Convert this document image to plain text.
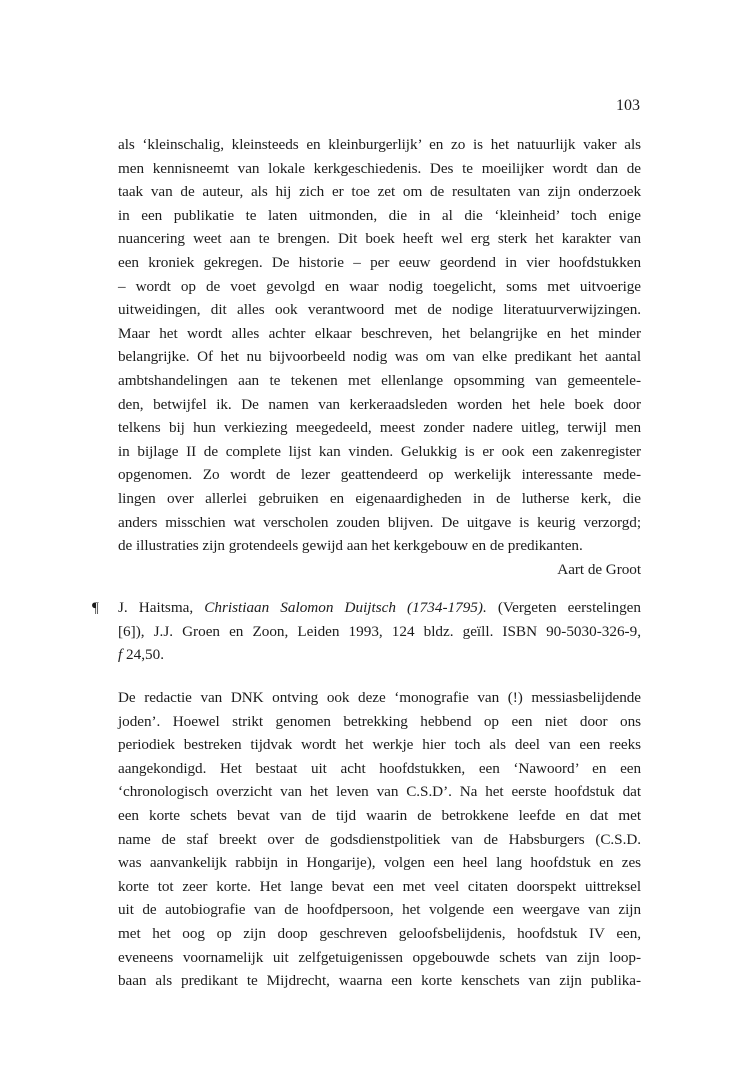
103
als ‘kleinschalig, kleinsteeds en kleinburgerlijk’ en zo is het natuurlijk vaker als
men kennisneemt van lokale kerkgeschiedenis. Des te moeilijker wordt dan de
taak van de auteur, als hij zich er toe zet om de resultaten van zijn onderzoek
in een publikatie te laten uitmonden, die in al die ‘kleinheid’ toch enige
nuancering weet aan te brengen. Dit boek heeft wel erg sterk het karakter van
een kroniek gekregen. De historie – per eeuw geordend in vier hoofdstukken
– wordt op de voet gevolgd en waar nodig toegelicht, soms met uitvoerige
uitweidingen, dit alles ook verantwoord met de nodige literatuurverwijzingen.
Maar het wordt alles achter elkaar beschreven, het belangrijke en het minder
belangrijke. Of het nu bijvoorbeeld nodig was om van elke predikant het aantal
ambtshandelingen aan te tekenen met ellenlange opsomming van gemeentele-
den, betwijfel ik. De namen van kerkeraadsleden worden het hele boek door
telkens bij hun verkiezing meegedeeld, meest zonder nadere uitleg, terwijl men
in bijlage II de complete lijst kan vinden. Gelukkig is er ook een zakenregister
opgenomen. Zo wordt de lezer geattendeerd op werkelijk interessante mede-
lingen over allerlei gebruiken en eigenaardigheden in de lutherse kerk, die
anders misschien wat verscholen zouden blijven. De uitgave is keurig verzorgd;
de illustraties zijn grotendeels gewijd aan het kerkgebouw en de predikanten.
Aart de Groot
¶	J. Haitsma, Christiaan Salomon Duijtsch (1734-1795). (Vergeten eerstelingen
[6]), J.J. Groen en Zoon, Leiden 1993, 124 bldz. geïll. ISBN 90-5030-326-9,
f 24,50.
De redactie van DNK ontving ook deze ‘monografie van (!) messiasbelijdende
joden’. Hoewel strikt genomen betrekking hebbend op een niet door ons
periodiek bestreken tijdvak wordt het werkje hier toch als deel van een reeks
aangekondigd. Het bestaat uit acht hoofdstukken, een ‘Nawoord’ en een
‘chronologisch overzicht van het leven van C.S.D’. Na het eerste hoofdstuk dat
een korte schets bevat van de tijd waarin de betrokkene leefde en dat met
name de staf breekt over de godsdienstpolitiek van de Habsburgers (C.S.D.
was aanvankelijk rabbijn in Hongarije), volgen een heel lang hoofdstuk en zes
korte tot zeer korte. Het lange bevat een met veel citaten doorspekt uittreksel
uit de autobiografie van de hoofdpersoon, het volgende een weergave van zijn
met het oog op zijn doop geschreven geloofsbelijdenis, hoofdstuk IV een,
eveneens voornamelijk uit zelfgetuigenissen opgebouwde schets van zijn loop-
baan als predikant te Mijdrecht, waarna een korte kenschets van zijn publika-
